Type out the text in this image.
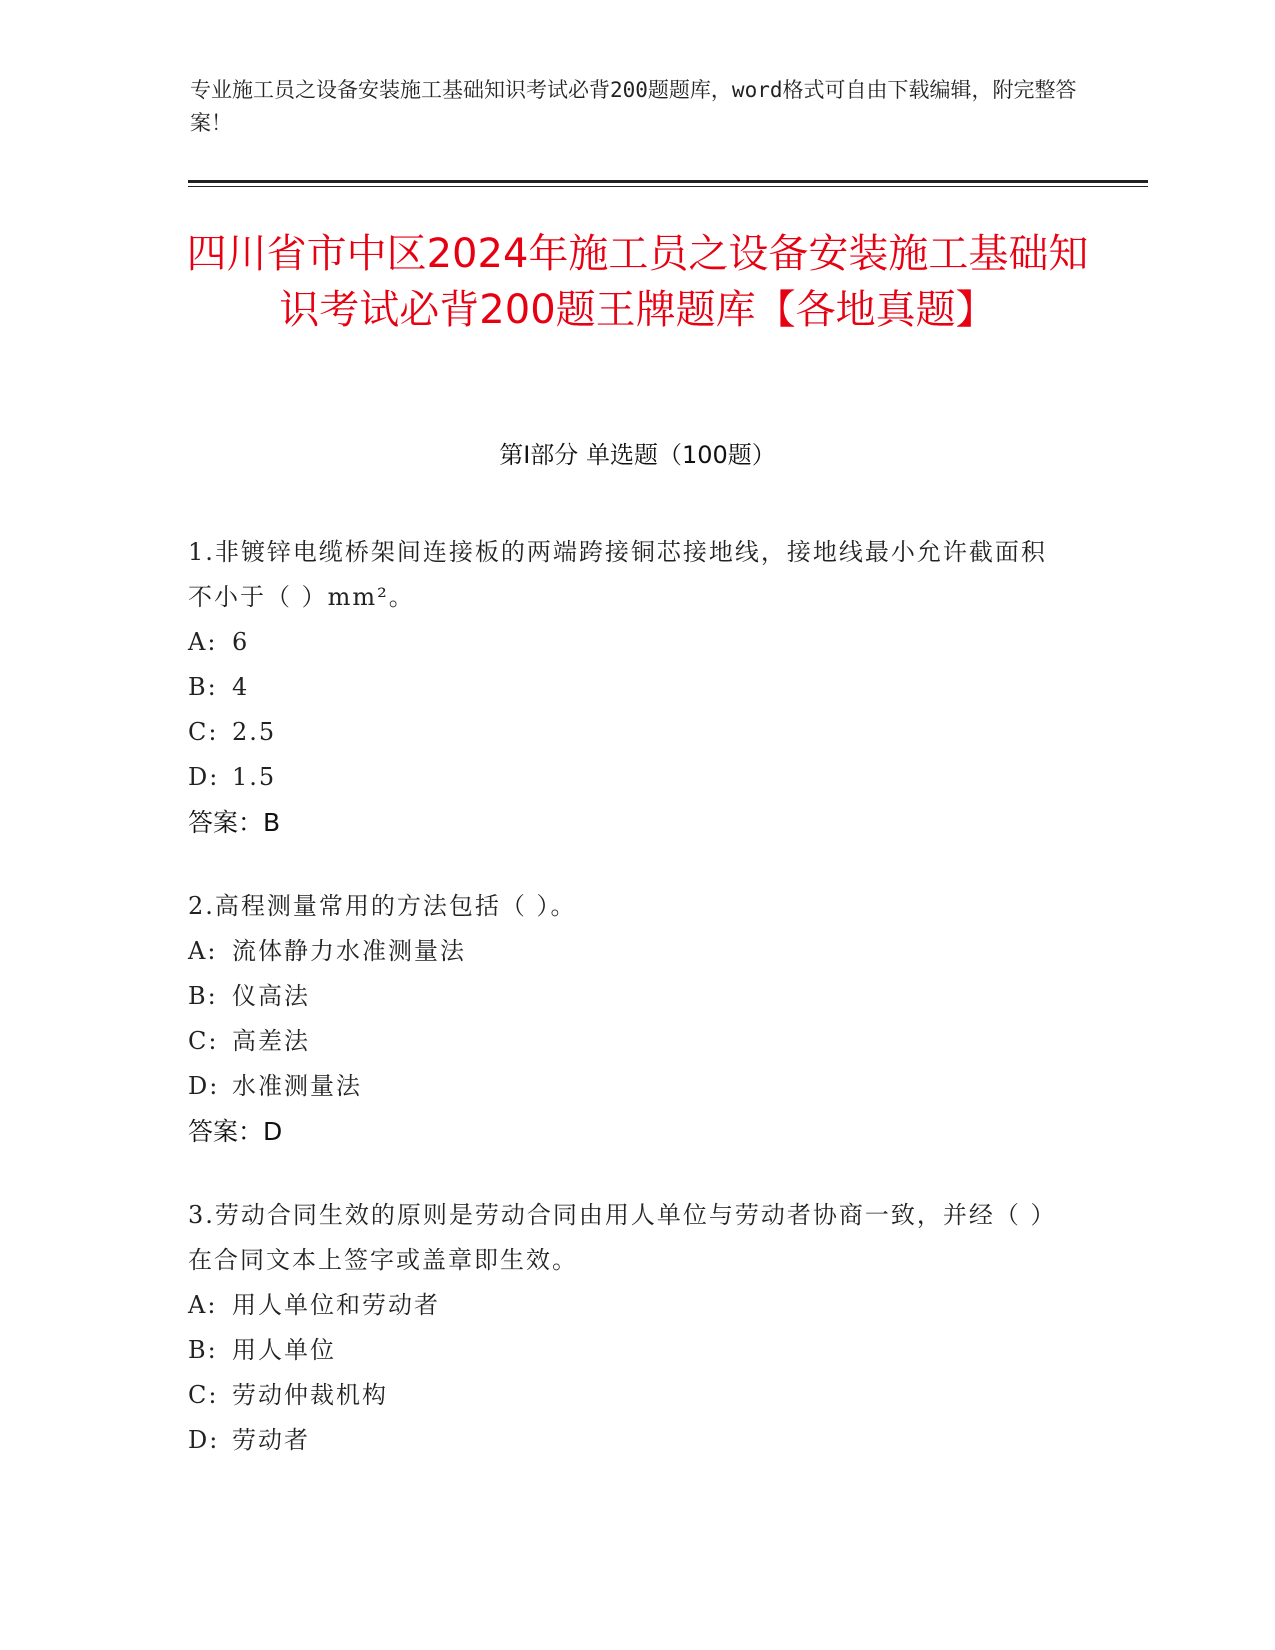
专业施工员之设备安装施工基础知识考试必背200题题库，word格式可自由下载编辑，附完整答案！
四川省市中区2024年施工员之设备安装施工基础知识考试必背200题王牌题库【各地真题】
第I部分 单选题（100题）
1.非镀锌电缆桥架间连接板的两端跨接铜芯接地线，接地线最小允许截面积不小于（ ）mm²。
A: 6
B: 4
C: 2.5
D: 1.5
答案：B
2.高程测量常用的方法包括（ ）。
A: 流体静力水准测量法
B: 仪高法
C: 高差法
D: 水准测量法
答案：D
3.劳动合同生效的原则是劳动合同由用人单位与劳动者协商一致，并经（ ）在合同文本上签字或盖章即生效。
A: 用人单位和劳动者
B: 用人单位
C: 劳动仲裁机构
D: 劳动者
